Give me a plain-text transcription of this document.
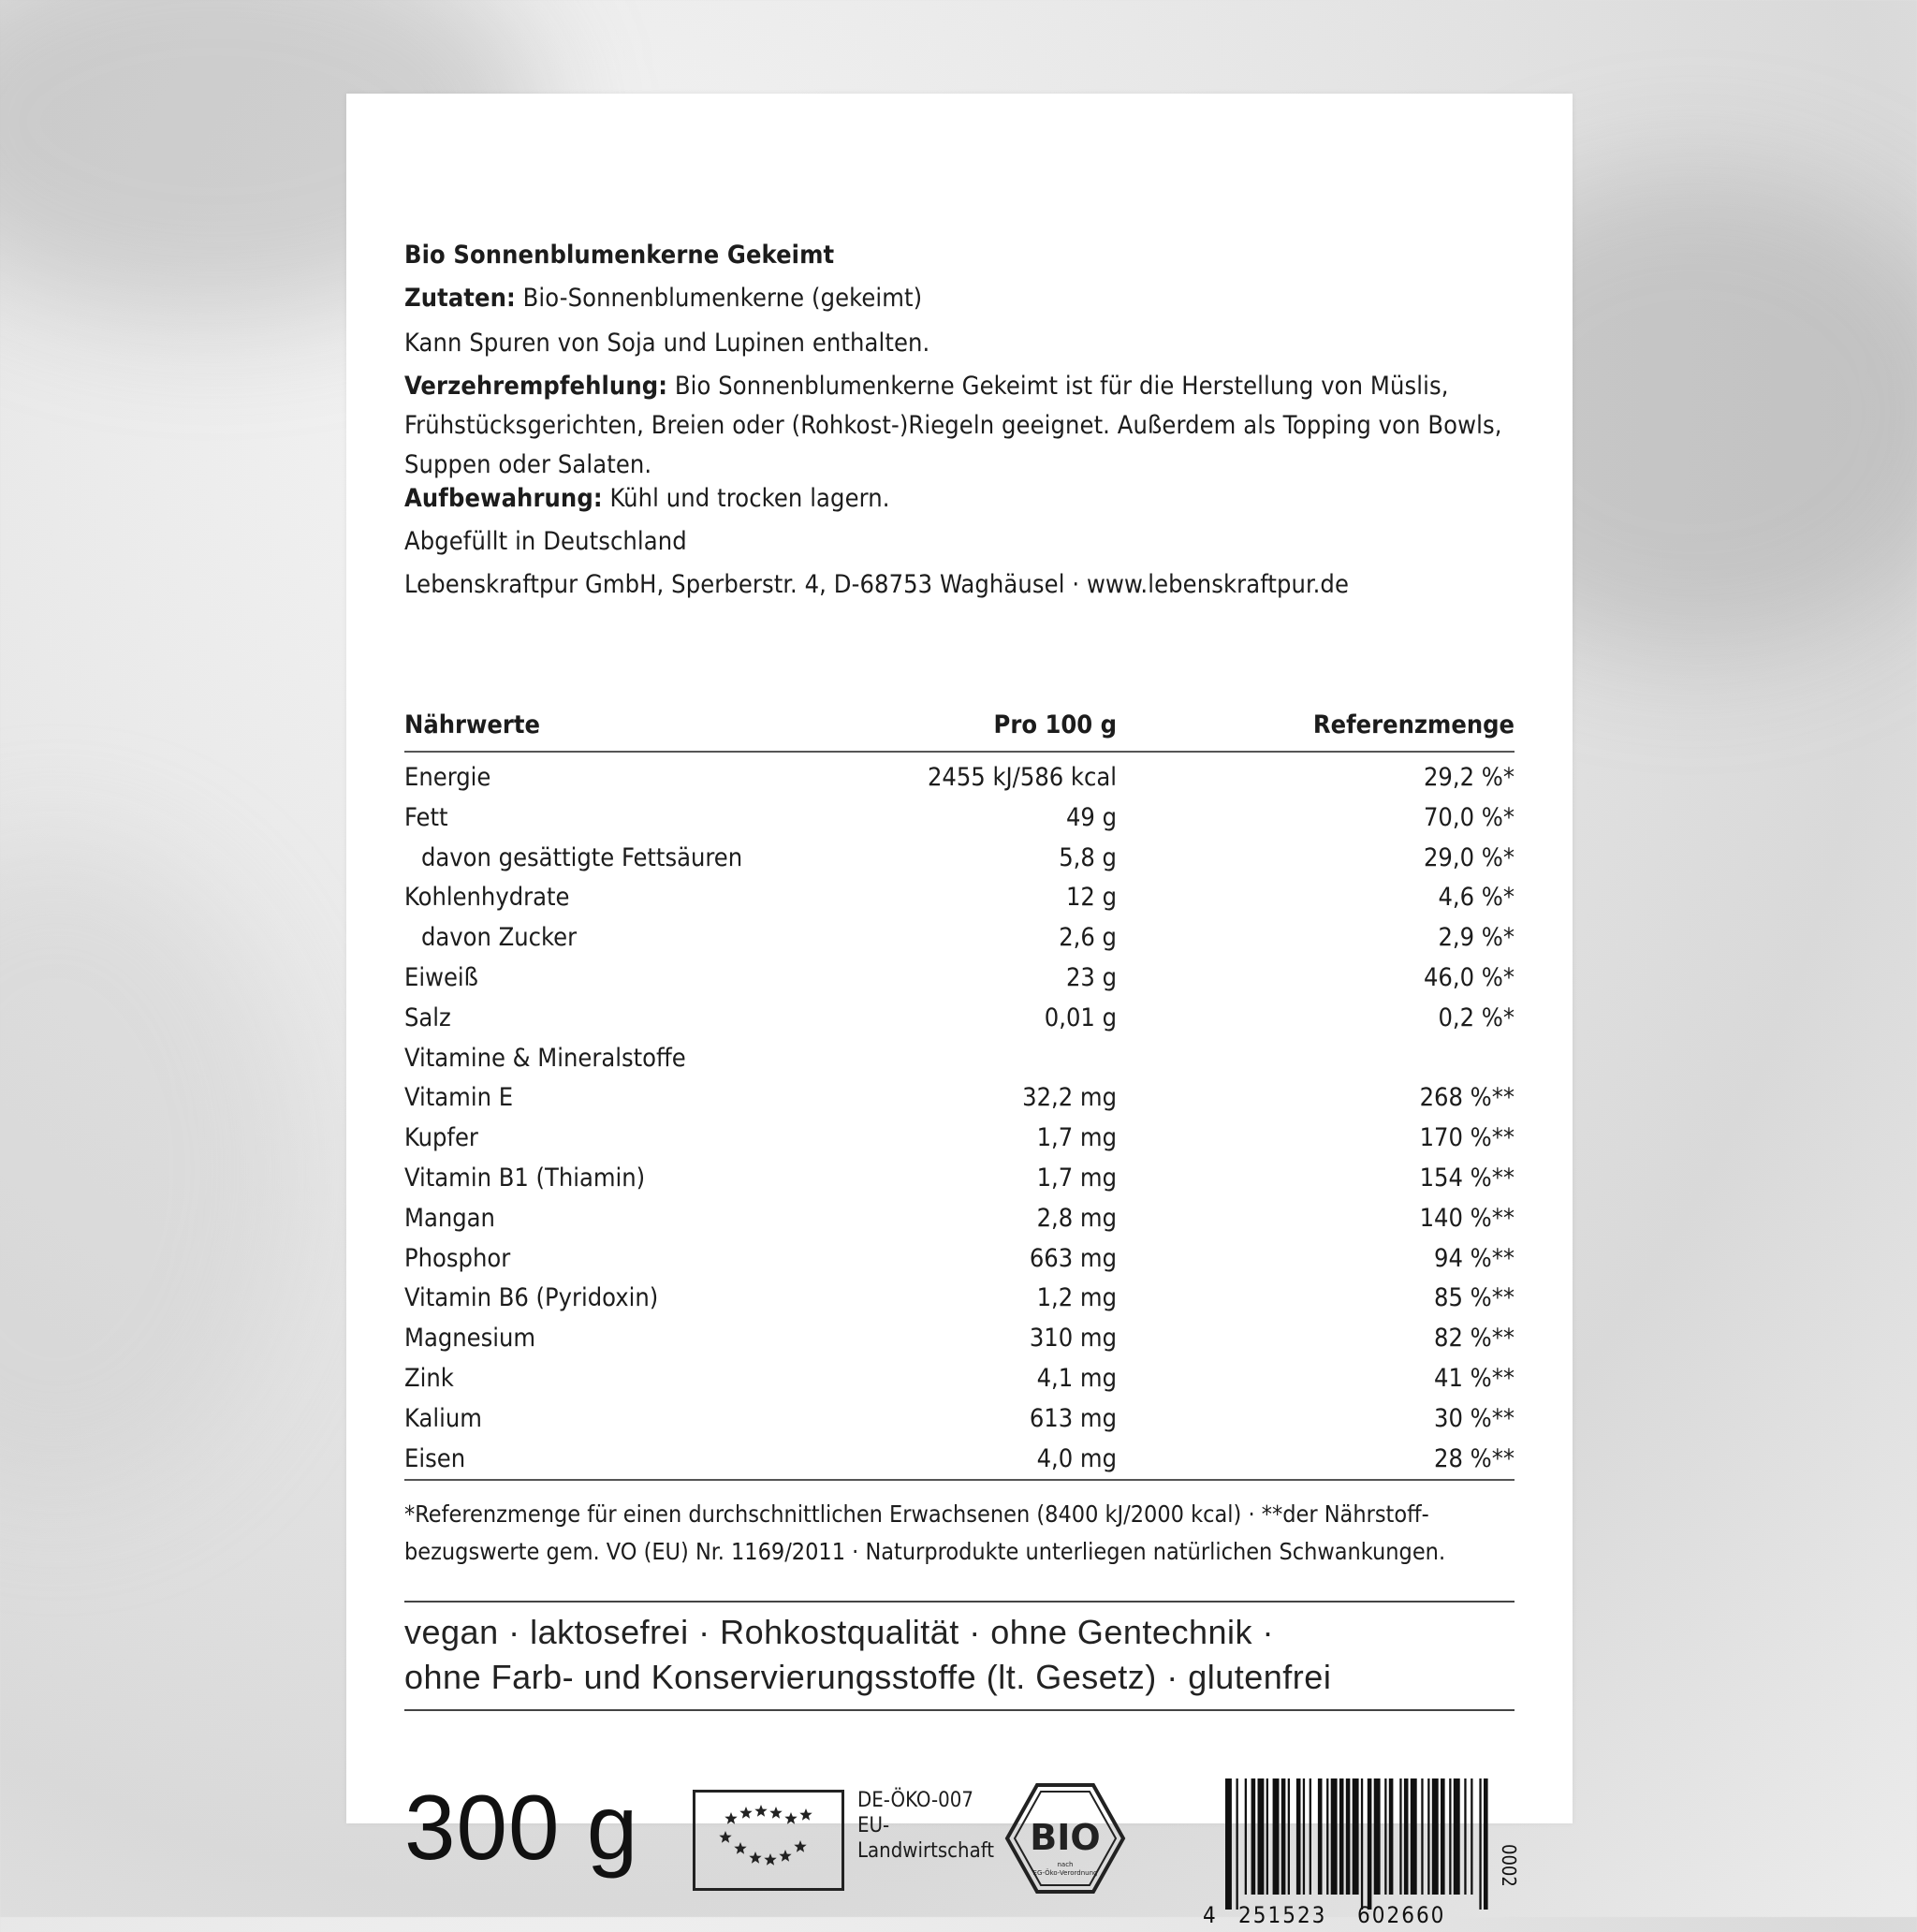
Bio Sonnenblumenkerne Gekeimt

Zutaten: Bio-Sonnenblumenkerne (gekeimt)

Kann Spuren von Soja und Lupinen enthalten.

Verzehrempfehlung: Bio Sonnenblumenkerne Gekeimt ist für die Herstellung von Müslis, Frühstücksgerichten, Breien oder (Rohkost-)Riegeln geeignet. Außerdem als Topping von Bowls, Suppen oder Salaten.

Aufbewahrung: Kühl und trocken lagern.

Abgefüllt in Deutschland

Lebenskraftpur GmbH, Sperberstr. 4, D-68753 Waghäusel · www.lebenskraftpur.de

Nährwerte	Pro 100 g	Referenzmenge
Energie	2455 kJ/586 kcal	29,2 %*
Fett	49 g	70,0 %*
davon gesättigte Fettsäuren	5,8 g	29,0 %*
Kohlenhydrate	12 g	4,6 %*
davon Zucker	2,6 g	2,9 %*
Eiweiß	23 g	46,0 %*
Salz	0,01 g	0,2 %*
Vitamine & Mineralstoffe
Vitamin E	32,2 mg	268 %**
Kupfer	1,7 mg	170 %**
Vitamin B1 (Thiamin)	1,7 mg	154 %**
Mangan	2,8 mg	140 %**
Phosphor	663 mg	94 %**
Vitamin B6 (Pyridoxin)	1,2 mg	85 %**
Magnesium	310 mg	82 %**
Zink	4,1 mg	41 %**
Kalium	613 mg	30 %**
Eisen	4,0 mg	28 %**
*Referenzmenge für einen durchschnittlichen Erwachsenen (8400 kJ/2000 kcal) · **der Nährstoff-
bezugswerte gem. VO (EU) Nr. 1169/2011 · Naturprodukte unterliegen natürlichen Schwankungen.
vegan · laktosefrei · Rohkostqualität · ohne Gentechnik ·
ohne Farb- und Konservierungsstoffe (lt. Gesetz) · glutenfrei
300 g	DE-ÖKO-007
EU-
Landwirtschaft BIO
nach
EG-Öko-Verordnung
4 251523 602660
0002
